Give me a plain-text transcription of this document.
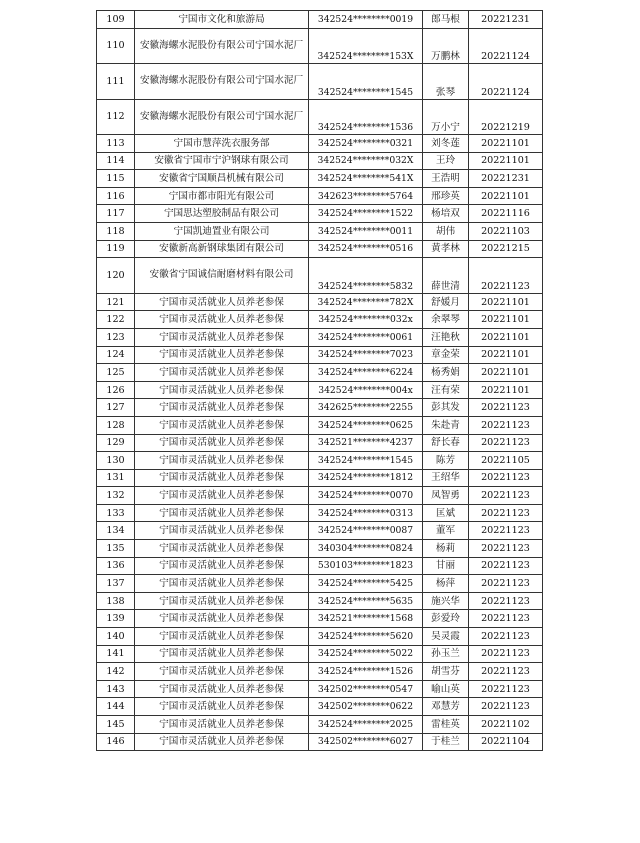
109	宁国市文化和旅游局	342524********0019	郎马根	20221231
110	安徽海螺水泥股份有限公司宁国水泥厂	342524********153X	万鹏林	20221124
111	安徽海螺水泥股份有限公司宁国水泥厂	342524********1545	张琴	20221124
112	安徽海螺水泥股份有限公司宁国水泥厂	342524********1536	万小宁	20221219
113	宁国市慧萍洗衣服务部	342524********0321	刘冬莲	20221101
114	安徽省宁国市宁沪钢球有限公司	342524********032X	王玲	20221101
115	安徽省宁国顺昌机械有限公司	342524********541X	王浩明	20221231
116	宁国市都市阳光有限公司	342623********5764	邢珍英	20221101
117	宁国思达塑胶制品有限公司	342524********1522	杨培双	20221116
118	宁国凯迪置业有限公司	342524********0011	胡伟	20221103
119	安徽新高新钢球集团有限公司	342524********0516	黄孝林	20221215
120	安徽省宁国诚信耐磨材料有限公司	342524********5832	薛世清	20221123
121	宁国市灵活就业人员养老参保	342524********782X	舒媛月	20221101
122	宁国市灵活就业人员养老参保	342524********032x	余翠琴	20221101
123	宁国市灵活就业人员养老参保	342524********0061	汪艳秋	20221101
124	宁国市灵活就业人员养老参保	342524********7023	章金荣	20221101
125	宁国市灵活就业人员养老参保	342524********6224	杨秀娟	20221101
126	宁国市灵活就业人员养老参保	342524********004x	汪有荣	20221101
127	宁国市灵活就业人员养老参保	342625********2255	彭其发	20221123
128	宁国市灵活就业人员养老参保	342524********0625	朱赴青	20221123
129	宁国市灵活就业人员养老参保	342521********4237	舒长春	20221123
130	宁国市灵活就业人员养老参保	342524********1545	陈芳	20221105
131	宁国市灵活就业人员养老参保	342524********1812	王绍华	20221123
132	宁国市灵活就业人员养老参保	342524********0070	凤智勇	20221123
133	宁国市灵活就业人员养老参保	342524********0313	匡斌	20221123
134	宁国市灵活就业人员养老参保	342524********0087	董军	20221123
135	宁国市灵活就业人员养老参保	340304********0824	杨莉	20221123
136	宁国市灵活就业人员养老参保	530103********1823	甘丽	20221123
137	宁国市灵活就业人员养老参保	342524********5425	杨萍	20221123
138	宁国市灵活就业人员养老参保	342524********5635	施兴华	20221123
139	宁国市灵活就业人员养老参保	342521********1568	彭爱玲	20221123
140	宁国市灵活就业人员养老参保	342524********5620	吴灵霞	20221123
141	宁国市灵活就业人员养老参保	342524********5022	孙玉兰	20221123
142	宁国市灵活就业人员养老参保	342524********1526	胡雪芬	20221123
143	宁国市灵活就业人员养老参保	342502********0547	喻山英	20221123
144	宁国市灵活就业人员养老参保	342502********0622	邓慧芳	20221123
145	宁国市灵活就业人员养老参保	342524********2025	雷桂英	20221102
146	宁国市灵活就业人员养老参保	342502********6027	于桂兰	20221104
